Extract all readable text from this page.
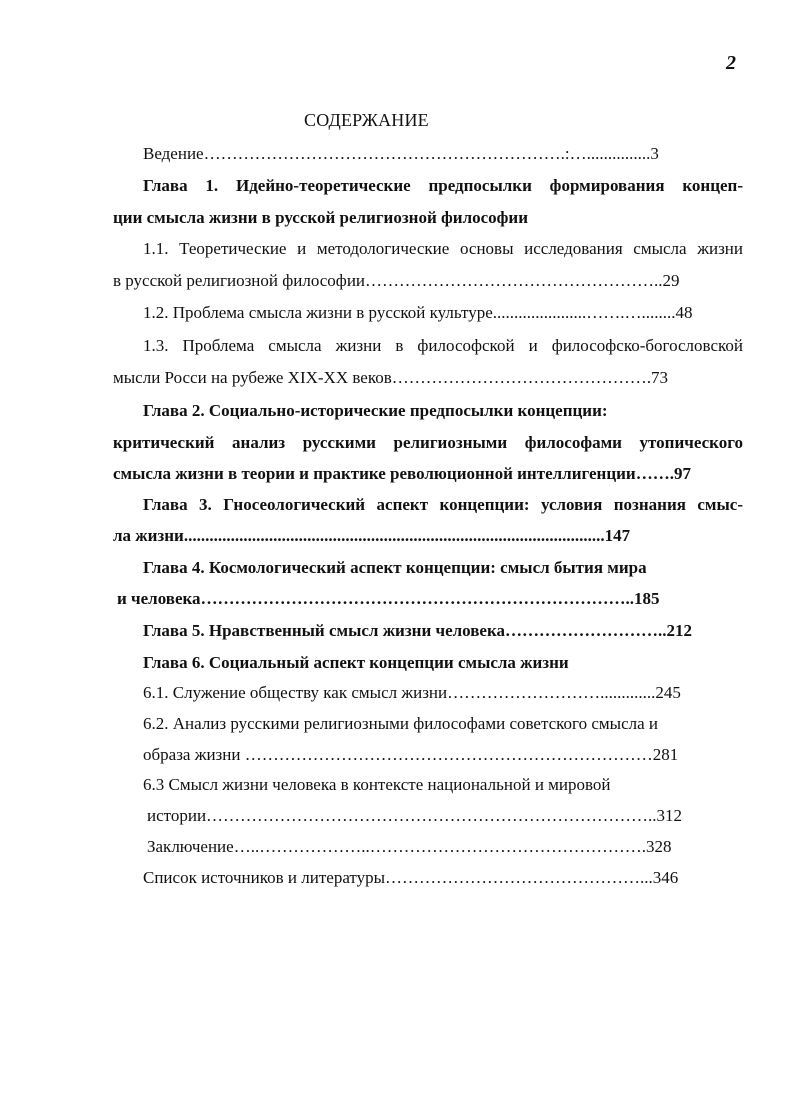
2
СОДЕРЖАНИЕ
Ведение……………………………………………………….:…...............3
Глава 1. Идейно-теоретические предпосылки формирования концеп-
ции смысла жизни в русской религиозной философии
1.1. Теоретические и методологические основы исследования смысла жизни
в русской религиозной философии……………………………………………..29
1.2. Проблема смысла жизни в русской культуре......................…….…........48
1.3. Проблема смысла жизни в философской и философско-богословской
мысли Росси на рубеже XIX-XX веков……………………………………….73
Глава 2. Социально-исторические предпосылки концепции:
критический анализ русскими религиозными философами утопического
смысла жизни в теории и практике революционной интеллигенции…….97
Глава 3. Гносеологический аспект концепции: условия познания смыс-
ла жизни...................................................................................................147
Глава 4. Космологический аспект концепции: смысл бытия мира
и человека…………………………………………………………………..185
Глава 5. Нравственный смысл жизни человека………………………..212
Глава 6. Социальный аспект концепции смысла жизни
6.1. Служение обществу как смысл жизни……………………….............245
6.2. Анализ русскими религиозными философами советского смысла и
образа жизни ………………………………………………………………281
6.3 Смысл жизни человека в контексте национальной и мировой
истории……………………………………………………………………..312
Заключение…..………………..………………………………………….328
Список источников и литературы………………………………………...346
